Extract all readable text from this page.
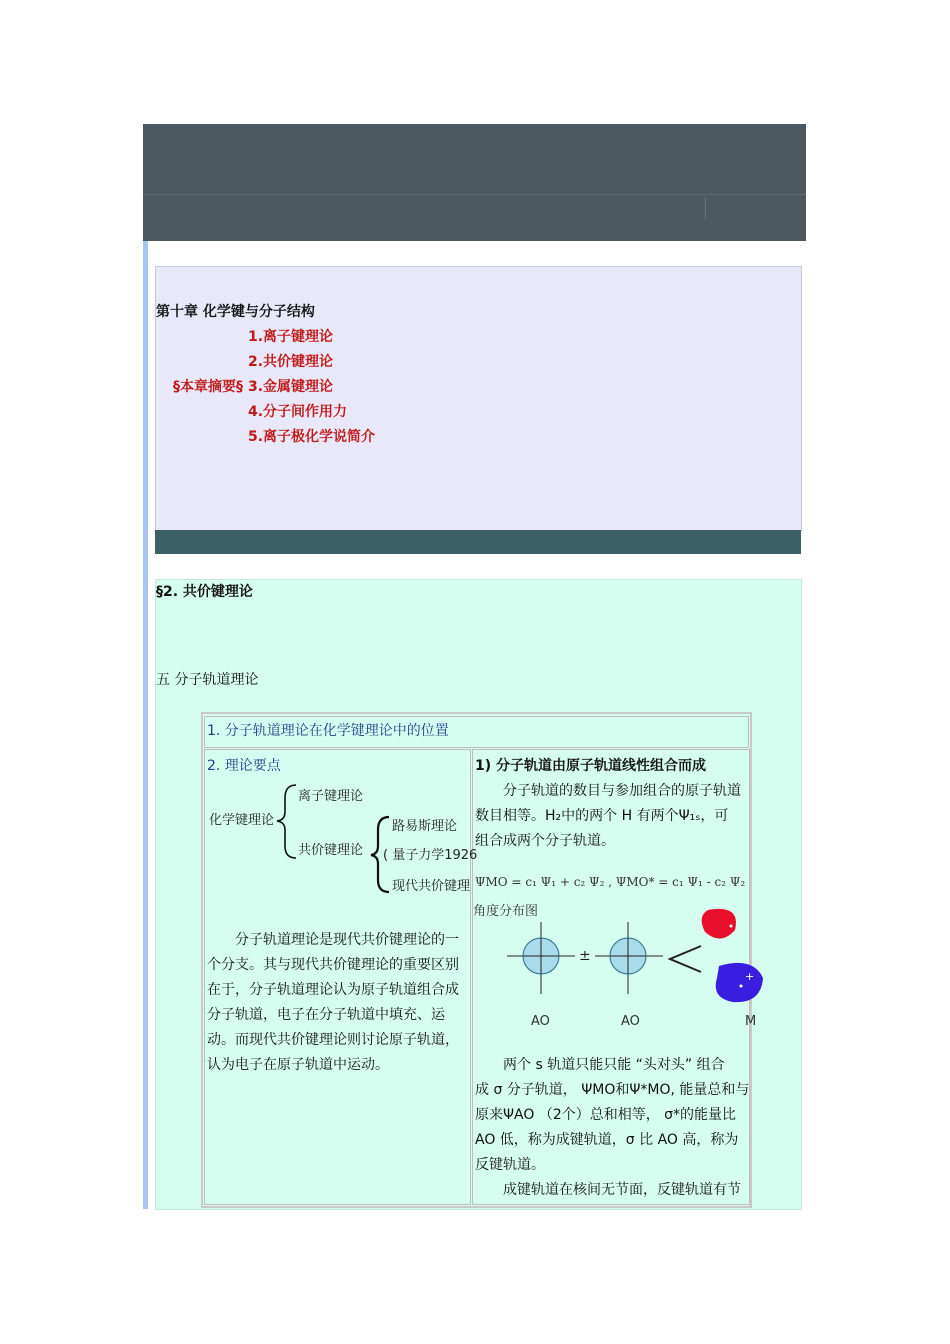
第十章 化学键与分子结构
1.离子键理论
2.共价键理论
§本章摘要§ 3.金属键理论
4.分子间作用力
5.离子极化学说简介
§2. 共价键理论
五 分子轨道理论
1. 分子轨道理论在化学键理论中的位置
2. 理论要点
化学键理论
离子键理论
共价键理论
路易斯理论
( 量子力学1926
现代共价键理
分子轨道理论是现代共价键理论的一
个分支。其与现代共价键理论的重要区别
在于，分子轨道理论认为原子轨道组合成
分子轨道，电子在分子轨道中填充、运
动。而现代共价键理论则讨论原子轨道，
认为电子在原子轨道中运动。
1) 分子轨道由原子轨道线性组合而成
分子轨道的数目与参加组合的原子轨道
数目相等。H₂中的两个 H 有两个Ψ₁ₛ，可
组合成两个分子轨道。
ΨMO = c₁ Ψ₁ + c₂ Ψ₂ , ΨMO* = c₁ Ψ₁ - c₂ Ψ₂
角度分布图
±
+
AO	AO	M
两个 s 轨道只能只能 “头对头” 组合
成 σ 分子轨道， ΨMO和Ψ*MO, 能量总和与
原来ΨAO （2个）总和相等， σ*的能量比
AO 低，称为成键轨道，σ 比 AO 高，称为
反键轨道。
成键轨道在核间无节面，反键轨道有节
